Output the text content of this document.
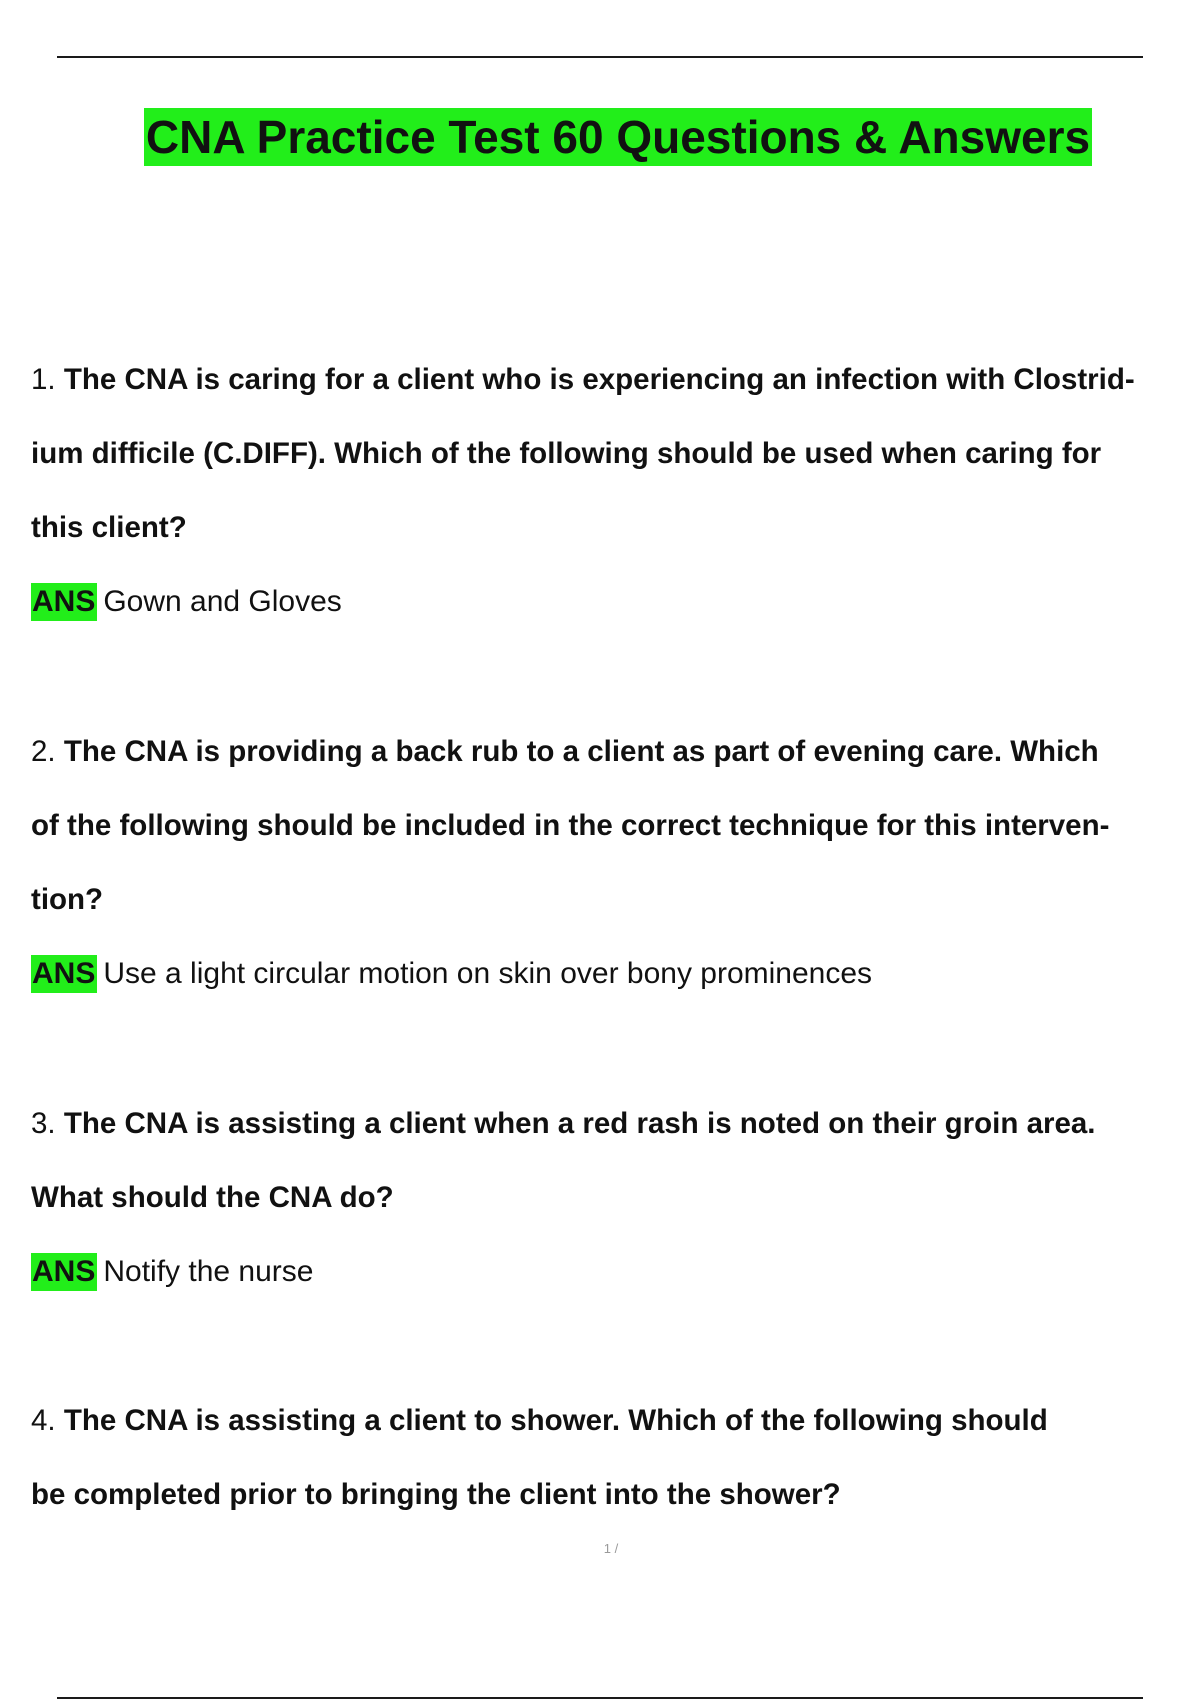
CNA Practice Test 60 Questions & Answers
1. The CNA is caring for a client who is experiencing an infection with Clostrid-
ium difficile (C.DIFF). Which of the following should be used when caring for
this client?
ANS Gown and Gloves
2. The CNA is providing a back rub to a client as part of evening care. Which
of the following should be included in the correct technique for this interven-
tion?
ANS Use a light circular motion on skin over bony prominences
3. The CNA is assisting a client when a red rash is noted on their groin area.
What should the CNA do?
ANS Notify the nurse
4. The CNA is assisting a client to shower. Which of the following should
be completed prior to bringing the client into the shower?
1 /
